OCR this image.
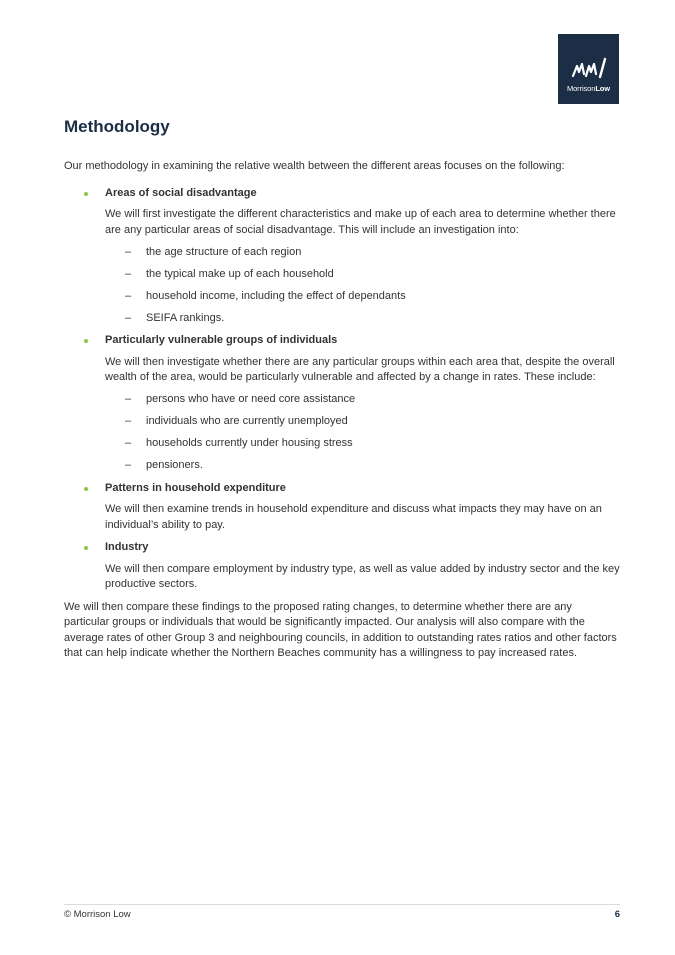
MorrisonLow
Methodology

Our methodology in examining the relative wealth between the different areas focuses on the following:

Areas of social disadvantage

We will first investigate the different characteristics and make up of each area to determine whether there are any particular areas of social disadvantage. This will include an investigation into:

– the age structure of each region
– the typical make up of each household
– household income, including the effect of dependants
– SEIFA rankings.
Particularly vulnerable groups of individuals

We will then investigate whether there are any particular groups within each area that, despite the overall wealth of the area, would be particularly vulnerable and affected by a change in rates. These include:

– persons who have or need core assistance
– individuals who are currently unemployed
– households currently under housing stress
– pensioners.
Patterns in household expenditure

We will then examine trends in household expenditure and discuss what impacts they may have on an individual’s ability to pay.

Industry

We will then compare employment by industry type, as well as value added by industry sector and the key productive sectors.

We will then compare these findings to the proposed rating changes, to determine whether there are any particular groups or individuals that would be significantly impacted. Our analysis will also compare with the average rates of other Group 3 and neighbouring councils, in addition to outstanding rates ratios and other factors that can help indicate whether the Northern Beaches community has a willingness to pay increased rates.

© Morrison Low	6
